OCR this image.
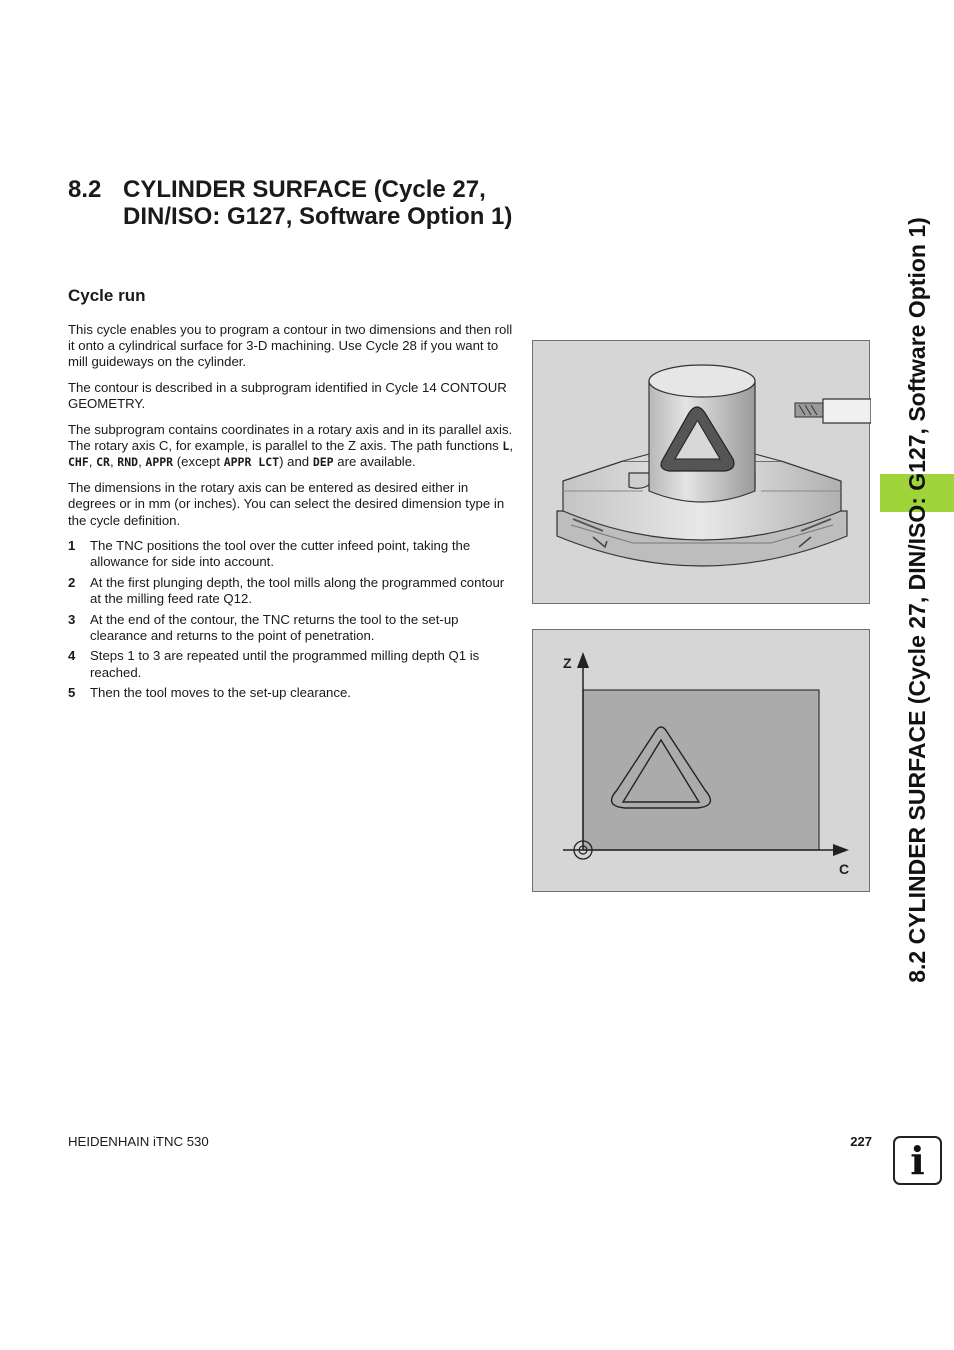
8.2 CYLINDER SURFACE (Cycle 27, DIN/ISO: G127, Software Option 1)
Cycle run

This cycle enables you to program a contour in two dimensions and then roll it onto a cylindrical surface for 3-D machining. Use Cycle 28 if you want to mill guideways on the cylinder.

The contour is described in a subprogram identified in Cycle 14 CONTOUR GEOMETRY.

The subprogram contains coordinates in a rotary axis and in its parallel axis. The rotary axis C, for example, is parallel to the Z axis. The path functions L, CHF, CR, RND, APPR (except APPR LCT) and DEP are available.

The dimensions in the rotary axis can be entered as desired either in degrees or in mm (or inches). You can select the desired dimension type in the cycle definition.

1	The TNC positions the tool over the cutter infeed point, taking the allowance for side into account.
2	At the first plunging depth, the tool mills along the programmed contour at the milling feed rate Q12.
3	At the end of the contour, the TNC returns the tool to the set-up clearance and returns to the point of penetration.
4	Steps 1 to 3 are repeated until the programmed milling depth Q1 is reached.
5	Then the tool moves to the set-up clearance.
Z
C	8.2 CYLINDER SURFACE (Cycle 27, DIN/ISO: G127, Software Option 1)
HEIDENHAIN iTNC 530	227 i
